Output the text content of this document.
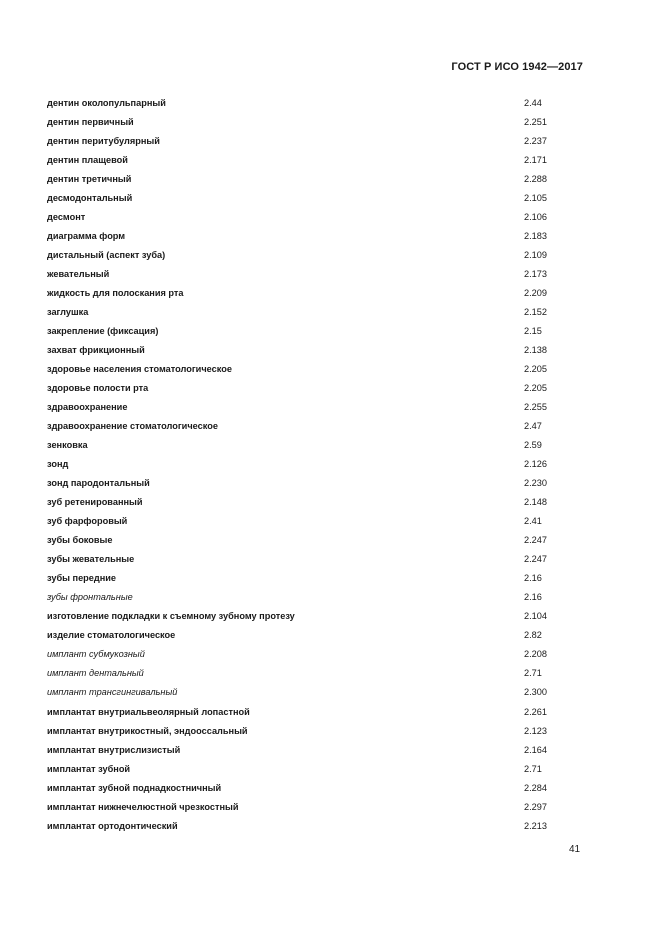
ГОСТ Р ИСО 1942—2017
дентин околопульпарный	2.44
дентин первичный	2.251
дентин перитубулярный	2.237
дентин плащевой	2.171
дентин третичный	2.288
десмодонтальный	2.105
десмонт	2.106
диаграмма форм	2.183
дистальный (аспект зуба)	2.109
жевательный	2.173
жидкость для полоскания рта	2.209
заглушка	2.152
закрепление (фиксация)	2.15
захват фрикционный	2.138
здоровье населения стоматологическое	2.205
здоровье полости рта	2.205
здравоохранение	2.255
здравоохранение стоматологическое	2.47
зенковка	2.59
зонд	2.126
зонд пародонтальный	2.230
зуб ретенированный	2.148
зуб фарфоровый	2.41
зубы боковые	2.247
зубы жевательные	2.247
зубы передние	2.16
зубы фронтальные	2.16
изготовление подкладки к съемному зубному протезу	2.104
изделие стоматологическое	2.82
имплант субмукозный	2.208
имплант дентальный	2.71
имплант трансгингивальный	2.300
имплантат внутриальвеолярный лопастной	2.261
имплантат внутрикостный, эндооссальный	2.123
имплантат внутрислизистый	2.164
имплантат зубной	2.71
имплантат зубной поднадкостничный	2.284
имплантат нижнечелюстной чрезкостный	2.297
имплантат ортодонтический	2.213
41
